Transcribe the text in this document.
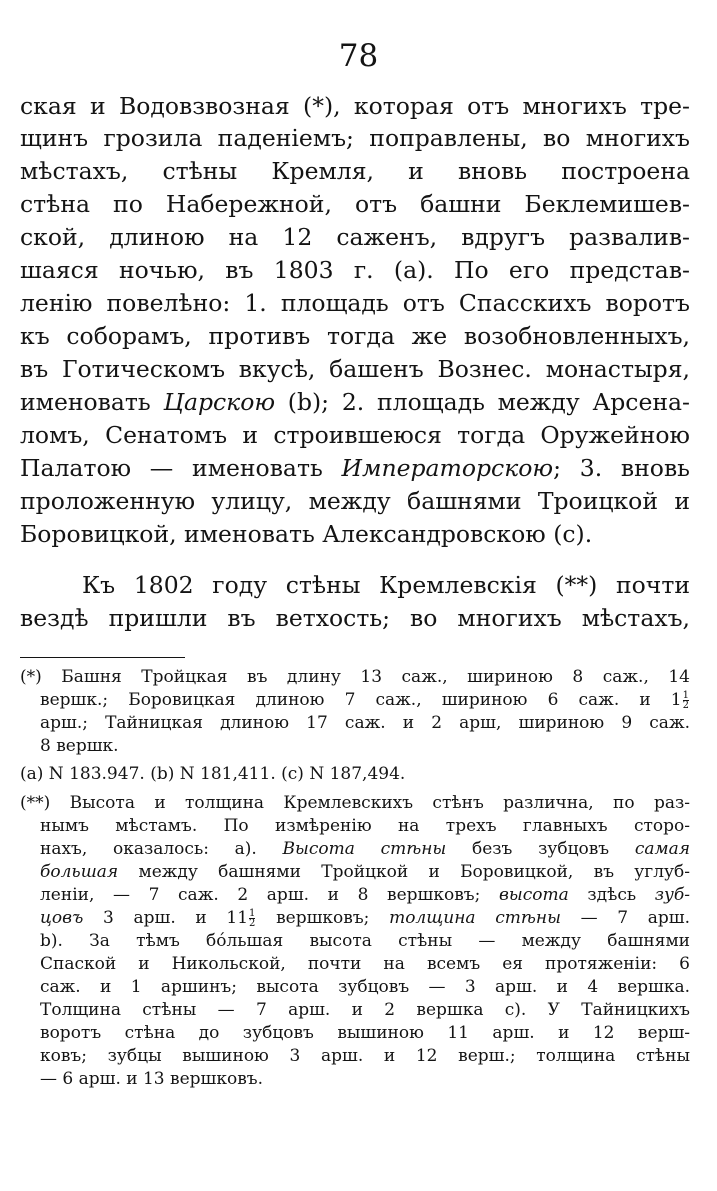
78
ская и Водовзвозная (*), которая отъ многихъ тре-
щинъ грозила паденіемъ; поправлены, во многихъ
мѣстахъ, стѣны Кремля, и вновь построена
стѣна по Набережной, отъ башни Беклемишев-
ской, длиною на 12 саженъ, вдругъ развалив-
шаяся ночью, въ 1803 г. (a). По его представ-
ленію повелѣно: 1. площадь отъ Спасскихъ воротъ
къ соборамъ, противъ тогда же возобновленныхъ,
въ Готическомъ вкусѣ, башенъ Вознес. монастыря,
именовать Царскою (b); 2. площадь между Арсена-
ломъ, Сенатомъ и строившеюся тогда Оружейною
Палатою — именовать Императорскою; 3. вновь
проложенную улицу, между башнями Троицкой и
Боровицкой, именовать Александровскою (c).
Къ 1802 году стѣны Кремлевскія (**) почти
вездѣ пришли въ ветхость; во многихъ мѣстахъ,
(*) Башня Тройцкая въ длину 13 саж., шириною 8 саж., 14
вершк.; Боровицкая длиною 7 саж., шириною 6 саж. и $1 \frac{1}{2}$
арш.; Тайницкая длиною 17 саж. и 2 арш, шириною 9 саж.
8 вершк.
(a) N 183.947. (b) N 181,411. (c) N 187,494.
(**) Высота и толщина Кремлевскихъ стѣнъ различна, по раз-
нымъ мѣстамъ. По измѣренію на трехъ главныхъ сторо-
нахъ, оказалось: а). Высота стѣны безъ зубцовъ самая
большая между башнями Тройцкой и Боровицкой, въ углуб-
леніи, — 7 саж. 2 арш. и 8 вершковъ; высота здѣсь зуб-
цовъ 3 арш. и $11 \frac{1}{2}$ вершковъ; толщина стѣны — 7 арш.
b). За тѣмъ бóльшая высота стѣны — между башнями
Спаской и Никольской, почти на всемъ ея протяженіи: 6
саж. и 1 аршинъ; высота зубцовъ — 3 арш. и 4 вершка.
Толщина стѣны — 7 арш. и 2 вершка c). У Тайницкихъ
воротъ стѣна до зубцовъ вышиною 11 арш. и 12 верш-
ковъ; зубцы вышиною 3 арш. и 12 верш.; толщина стѣны
— 6 арш. и 13 вершковъ.
